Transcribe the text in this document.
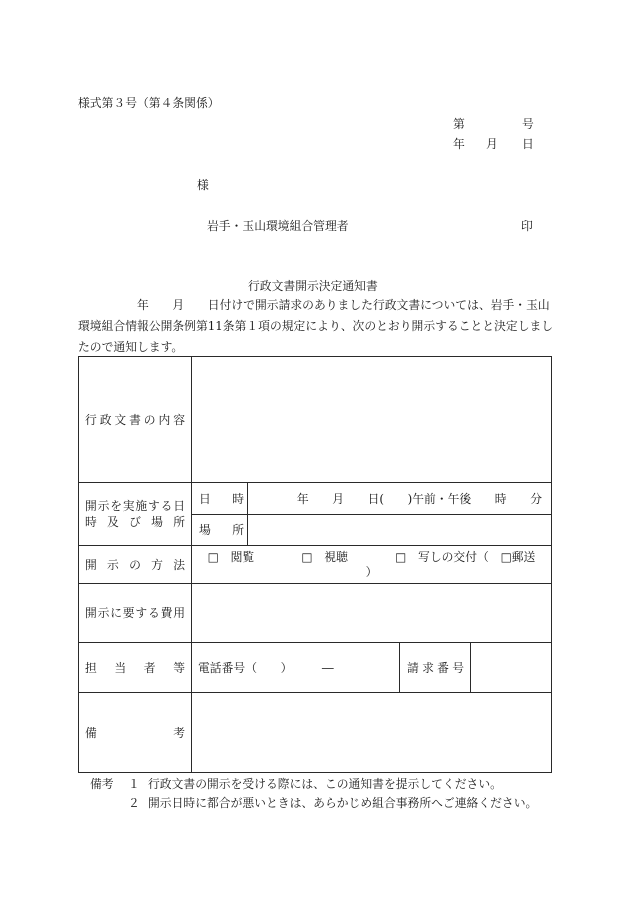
様式第３号（第４条関係）
第	号
年 月 日
様
岩手・玉山環境組合管理者	印
行政文書開示決定通知書
年　　月　　日付けで開示請求のありました行政文書については、岩手・玉山
環境組合情報公開条例第11条第１項の規定により、次のとおり開示することと決定しまし
たので通知します。
行政文書の内容				

開示を実施する日
時及び場所	日時	年　　月　　日(　　)午前・午後　　時　　分		

	場所			

開示の方法	□　閲覧　　　　□　視聴　　　　□　写しの交付（　□郵送
）			

開示に要する費用				

担当者等	電話番号（　　）　　　―		請求番号	

備考				

備考 １ 行政文書の開示を受ける際には、この通知書を提示してください。
２ 開示日時に都合が悪いときは、あらかじめ組合事務所へご連絡ください。
